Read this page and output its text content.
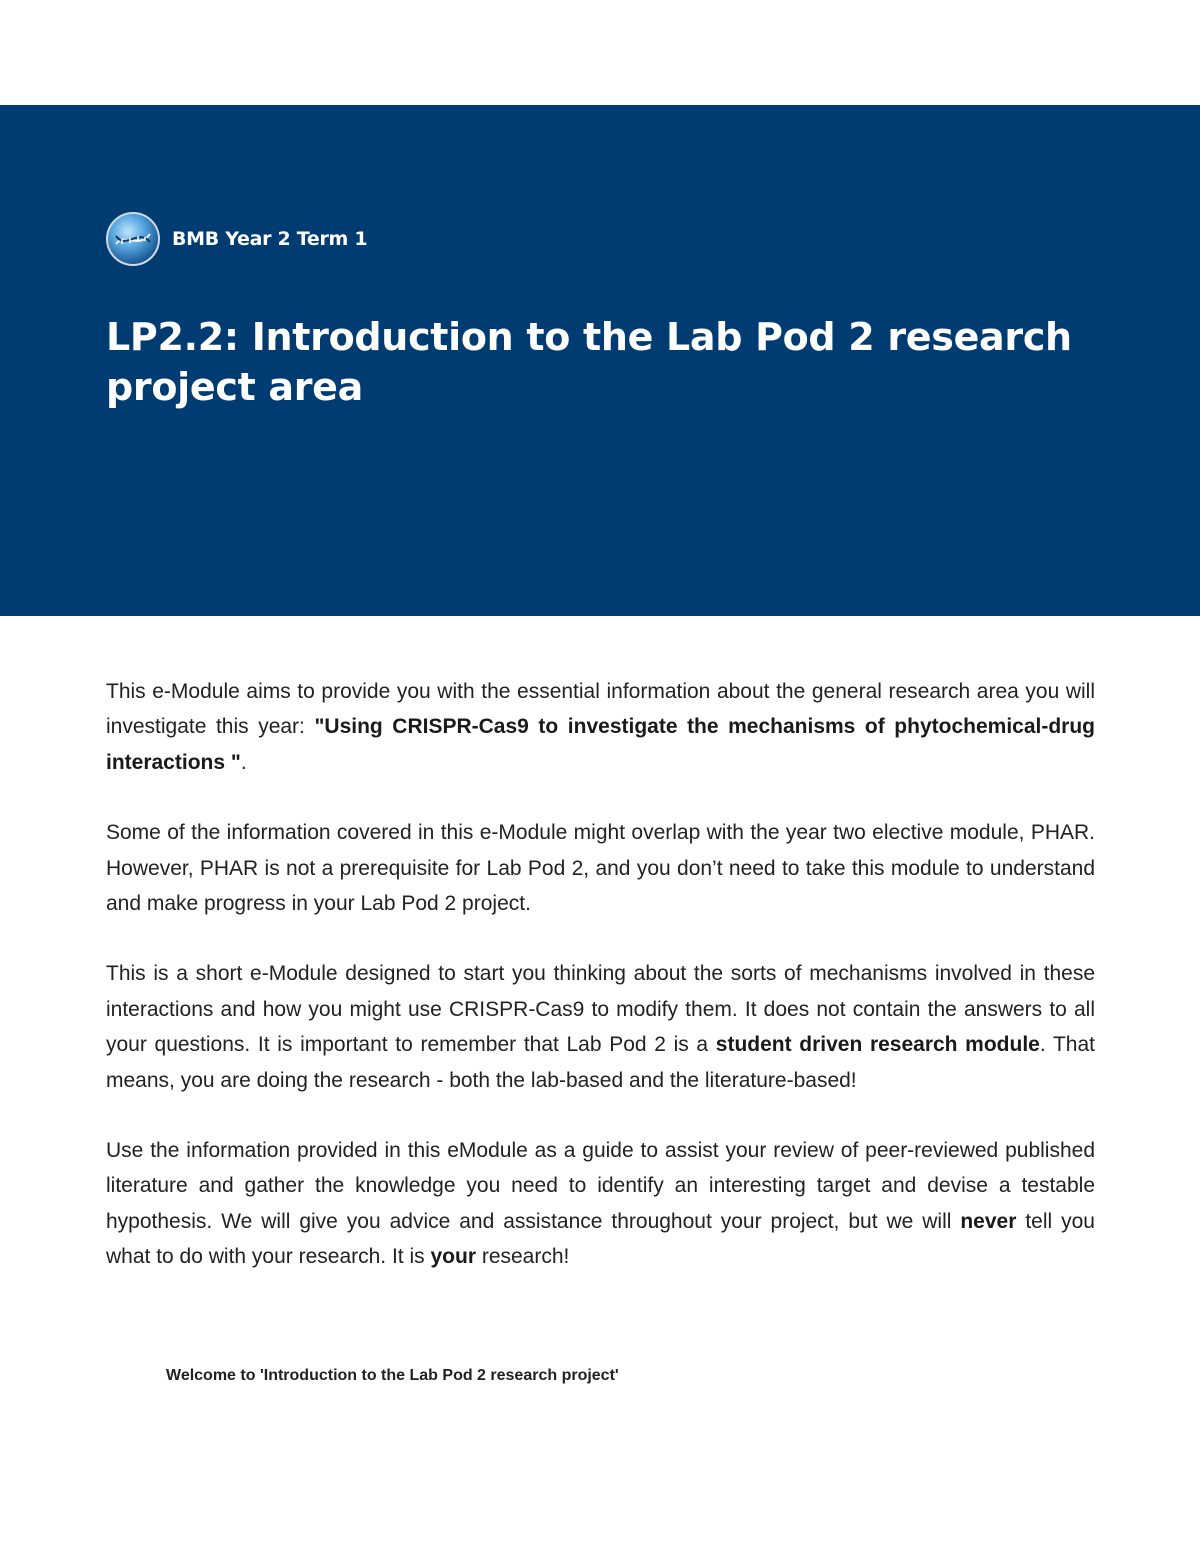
BMB Year 2 Term 1
LP2.2: Introduction to the Lab Pod 2 research project area

This e-Module aims to provide you with the essential information about the general research area you will investigate this year: "Using CRISPR-Cas9 to investigate the mechanisms of phytochemical-drug interactions ".

Some of the information covered in this e-Module might overlap with the year two elective module, PHAR. However, PHAR is not a prerequisite for Lab Pod 2, and you don’t need to take this module to understand and make progress in your Lab Pod 2 project.

This is a short e-Module designed to start you thinking about the sorts of mechanisms involved in these interactions and how you might use CRISPR-Cas9 to modify them. It does not contain the answers to all your questions. It is important to remember that Lab Pod 2 is a student driven research module. That means, you are doing the research - both the lab-based and the literature-based!

Use the information provided in this eModule as a guide to assist your review of peer-reviewed published literature and gather the knowledge you need to identify an interesting target and devise a testable hypothesis. We will give you advice and assistance throughout your project, but we will never tell you what to do with your research. It is your research!

Welcome to 'Introduction to the Lab Pod 2 research project'
